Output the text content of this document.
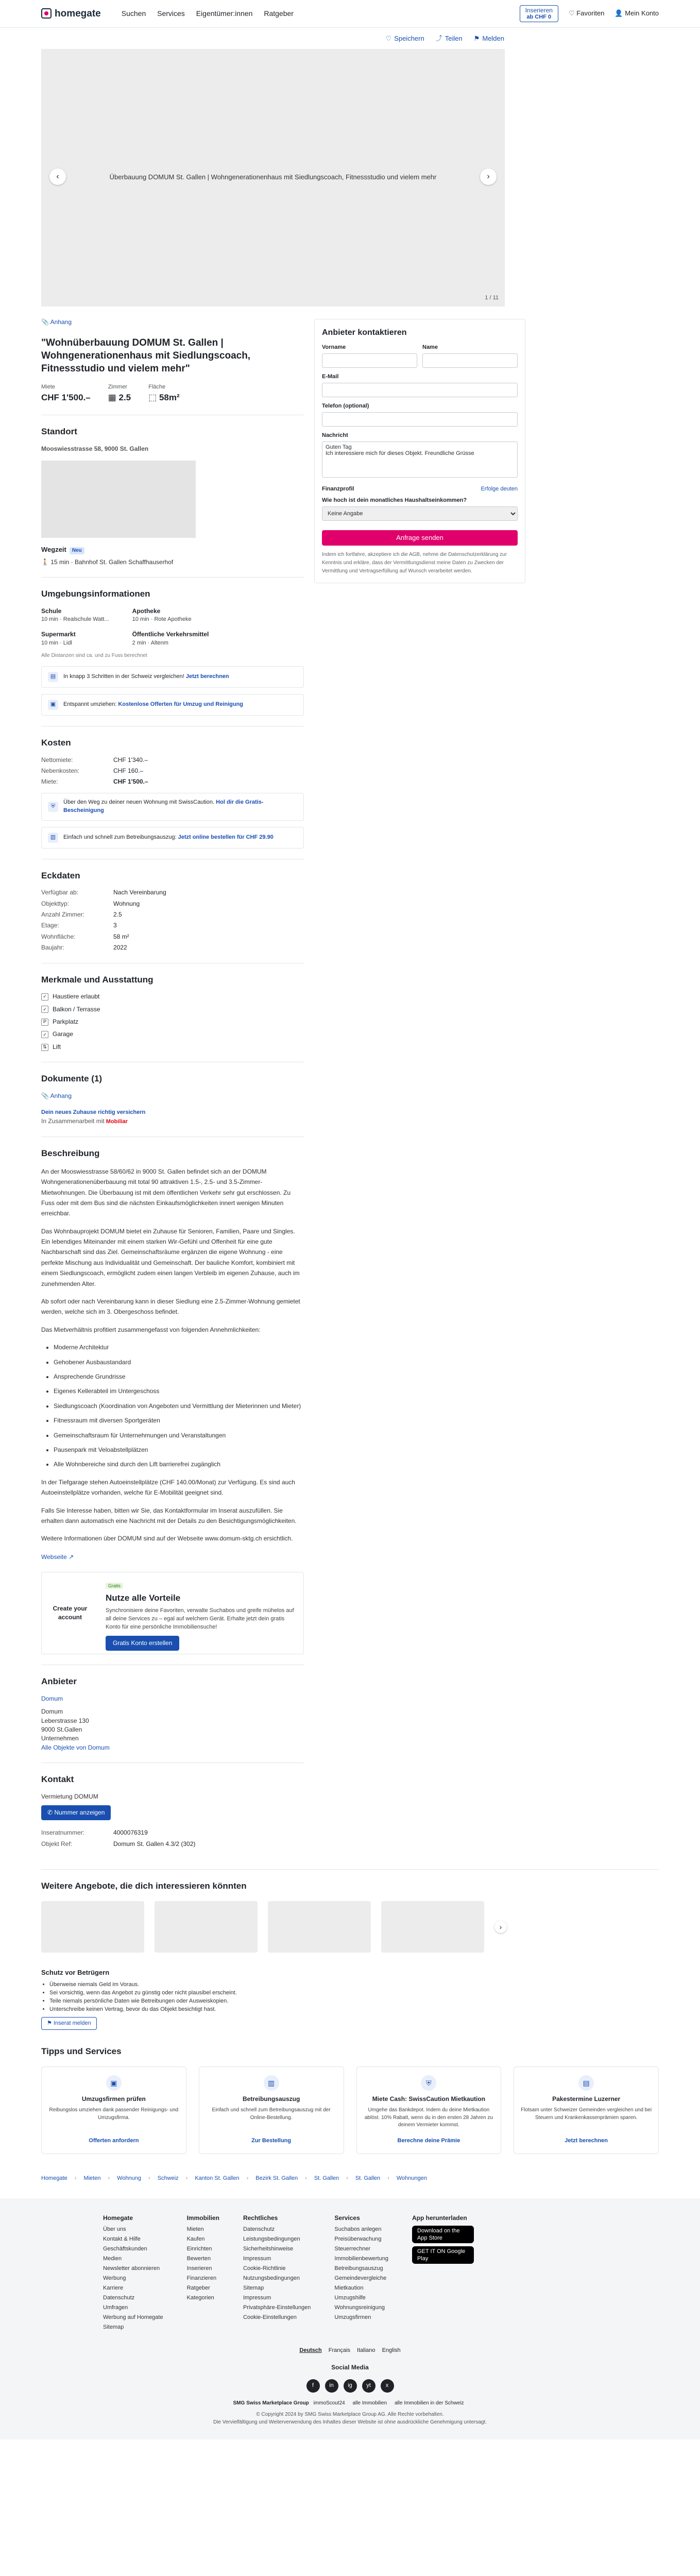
homegate	Suchen Services Eigentümer:innen Ratgeber	Inserieren
ab CHF 0
♡ Favoriten 👤 Mein Konto
♡ Speichern ⤴ Teilen ⚑ Melden
‹	Überbauung DOMUM St. Gallen | Wohngenerationenhaus mit Siedlungscoach, Fitnessstudio und vielem mehr	›
1 / 11
📎 Anhang
"Wohnüberbauung DOMUM St. Gallen | Wohngenerationenhaus mit Siedlungscoach, Fitnessstudio und vielem mehr"
Miete
CHF 1'500.–
Zimmer
▦ 2.5
Fläche
⬚ 58m²
Standort
Mooswiesstrasse 58, 9000 St. Gallen
Wegzeit Neu
🚶 15 min · Bahnhof St. Gallen Schaffhauserhof
Umgebungsinformationen
Schule
10 min · Realschule Watt...
Apotheke
10 min · Rote Apotheke
Supermarkt
10 min · Lidl
Öffentliche Verkehrsmittel
2 min · Altenm
Alle Distanzen sind ca. und zu Fuss berechnet
▤	In knapp 3 Schritten in der Schweiz vergleichen! Jetzt berechnen
▣	Entspannt umziehen: Kostenlose Offerten für Umzug und Reinigung
Kosten
Nettomiete:	CHF 1'340.–
Nebenkosten:	CHF 160.–
Miete:	CHF 1'500.–
⛨
Über den Weg zu deiner neuen Wohnung mit SwissCaution. Hol dir die Gratis-Bescheinigung
▥	Einfach und schnell zum Betreibungsauszug: Jetzt online bestellen für CHF 29.90
Eckdaten
Verfügbar ab:	Nach Vereinbarung
Objekttyp:	Wohnung
Anzahl Zimmer:	2.5
Etage:	3
Wohnfläche:	58 m²
Baujahr:	2022
Merkmale und Ausstattung
✓ Haustiere erlaubt
✓ Balkon / Terrasse
P	Parkplatz
✓ Garage
⇅ Lift
Dokumente (1)
📎 Anhang
Dein neues Zuhause richtig versichern
In Zusammenarbeit mit Mobiliar
Beschreibung

An der Mooswiesstrasse 58/60/62 in 9000 St. Gallen befindet sich an der DOMUM Wohngenerationenüberbauung mit total 90 attraktiven 1.5-, 2.5- und 3.5-Zimmer-Mietwohnungen. Die Überbauung ist mit dem öffentlichen Verkehr sehr gut erschlossen. Zu Fuss oder mit dem Bus sind die nächsten Einkaufsmöglichkeiten innert wenigen Minuten erreichbar.

Das Wohnbauprojekt DOMUM bietet ein Zuhause für Senioren, Familien, Paare und Singles. Ein lebendiges Miteinander mit einem starken Wir-Gefühl und Offenheit für eine gute Nachbarschaft sind das Ziel. Gemeinschaftsräume ergänzen die eigene Wohnung - eine perfekte Mischung aus Individualität und Gemeinschaft. Der bauliche Komfort, kombiniert mit einem Siedlungscoach, ermöglicht zudem einen langen Verbleib im eigenen Zuhause, auch im zunehmenden Alter.

Ab sofort oder nach Vereinbarung kann in dieser Siedlung eine 2.5-Zimmer-Wohnung gemietet werden, welche sich im 3. Obergeschoss befindet.

Das Mietverhältnis profitiert zusammengefasst von folgenden Annehmlichkeiten:

• Moderne Architektur
• Gehobener Ausbaustandard
• Ansprechende Grundrisse
• Eigenes Kellerabteil im Untergeschoss
• Siedlungscoach (Koordination von Angeboten und Vermittlung der Mieterinnen und Mieter)
• Fitnessraum mit diversen Sportgeräten
• Gemeinschaftsraum für Unternehmungen und Veranstaltungen
• Pausenpark mit Veloabstellplätzen
• Alle Wohnbereiche sind durch den Lift barrierefrei zugänglich

In der Tiefgarage stehen Autoeinstellplätze (CHF 140.00/Monat) zur Verfügung. Es sind auch Autoeinstellplätze vorhanden, welche für E-Mobilität geeignet sind.

Falls Sie Interesse haben, bitten wir Sie, das Kontaktformular im Inserat auszufüllen. Sie erhalten dann automatisch eine Nachricht mit der Details zu den Besichtigungsmöglichkeiten.

Weitere Informationen über DOMUM sind auf der Webseite www.domum-sktg.ch ersichtlich.

Webseite ↗
Create your account
Gratis
Nutze alle Vorteile
Synchronisiere deine Favoriten, verwalte Suchabos und greife mühelos auf all deine Services zu – egal auf welchem Gerät. Erhalte jetzt dein gratis Konto für eine persönliche Immobiliensuche!
Gratis Konto erstellen
Anbieter

Domum

Domum

Leberstrasse 130

9000 St.Gallen

Unternehmen

Alle Objekte von Domum

Kontakt

Vermietung DOMUM

✆ Nummer anzeigen
Inseratnummer:	4000076319
Objekt Ref:	Domum St. Gallen 4.3/2 (302)
Anbieter kontaktieren
Vorname	Name
E-Mail
Telefon (optional)
Nachricht
Guten Tag Ich interessiere mich für dieses Objekt. Freundliche Grüsse
Finanzprofil	Erfolge deuten
Wie hoch ist dein monatliches Haushaltseinkommen?
Keine Angabe
Anfrage senden
Indem ich fortfahre, akzeptiere ich die AGB, nehme die Datenschutzerklärung zur Kenntnis und erkläre, dass der Vermittlungsdienst meine Daten zu Zwecken der Vermittlung und Vertragserfüllung auf Wunsch verarbeitet werden.
Weitere Angebote, die dich interessieren könnten
›
Schutz vor Betrügern
• Überweise niemals Geld im Voraus.
• Sei vorsichtig, wenn das Angebot zu günstig oder nicht plausibel erscheint.
• Teile niemals persönliche Daten wie Betreibungen oder Ausweiskopien.
• Unterschreibe keinen Vertrag, bevor du das Objekt besichtigt hast.
⚑ Inserat melden
Tipps und Services
▣
Umzugsfirmen prüfen
Reibungslos umziehen dank passender Reinigungs- und Umzugsfirma.
Offerten anfordern
▥
Betreibungsauszug
Einfach und schnell zum Betreibungsauszug mit der Online-Bestellung.
Zur Bestellung
⛨
Miete Cash: SwissCaution Mietkaution
Umgehe das Bankdepot. Indem du deine Mietkaution ablöst. 10% Rabatt, wenn du in den ersten 28 Jahren zu deinem Vermieter kommst.
Berechne deine Prämie
▤
Pakestermine Luzerner
Flotsam unter Schweizer Gemeinden vergleichen und bei Steuern und Krankenkassenprämien sparen.
Jetzt berechnen
Homegate › Mieten › Wohnung › Schweiz › Kanton St. Gallen › Bezirk St. Gallen › St. Gallen › St. Gallen › Wohnungen
Homegate
Über uns
Kontakt & Hilfe
Geschäftskunden
Medien
Newsletter abonnieren
Werbung
Karriere
Datenschutz
Umfragen
Werbung auf Homegate
Sitemap
Immobilien
Mieten
Kaufen
Einrichten
Bewerten
Inserieren
Finanzieren
Ratgeber
Kategorien
Rechtliches
Datenschutz
Leistungsbedingungen
Sicherheitshinweise
Impressum
Cookie-Richtlinie
Nutzungsbedingungen
Sitemap
Impressum
Privatsphäre-Einstellungen
Cookie-Einstellungen
Services
Suchabos anlegen
Preisüberwachung
Steuerrechner
Immobilienbewertung
Betreibungsauszug
Gemeindevergleiche
Mietkaution
Umzugshilfe
Wohnungsreinigung
Umzugsfirmen
App herunterladen
Download on the App Store
GET IT ON Google Play
Deutsch Français Italiano English
Social Media
f	in	ig	yt	x
SMG Swiss Marketplace Group immoScout24 alle Immobilien alle Immobilien in der Schweiz
© Copyright 2024 by SMG Swiss Marketplace Group AG. Alle Rechte vorbehalten.
Die Vervielfältigung und Weiterverwendung des Inhaltes dieser Website ist ohne ausdrückliche Genehmigung untersagt.
